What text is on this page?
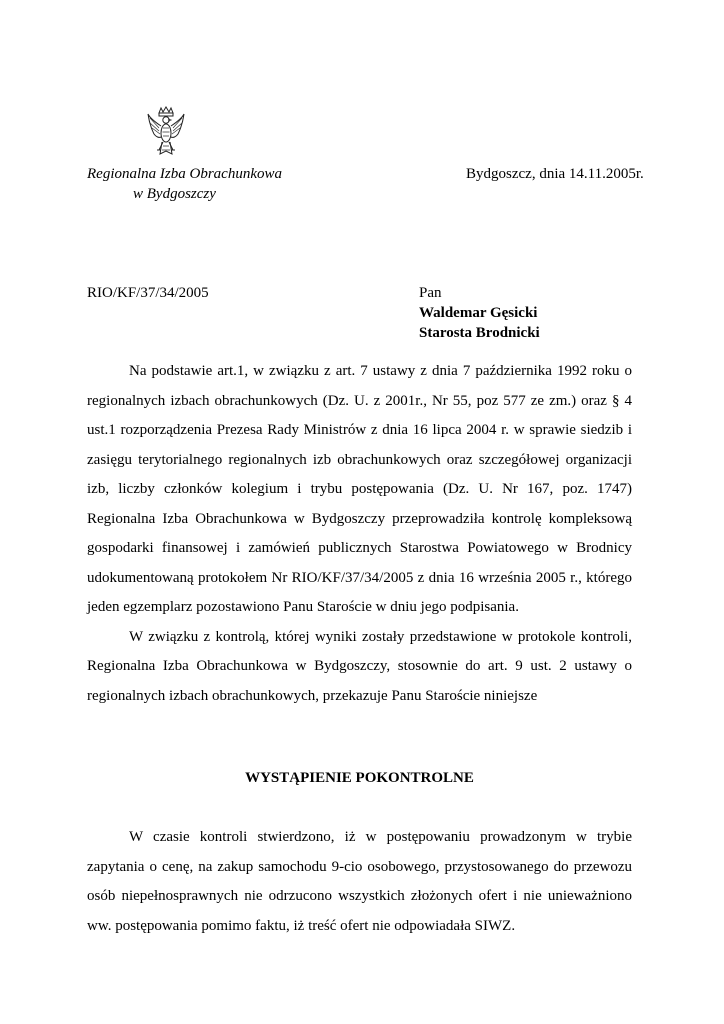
Regionalna Izba Obrachunkowa
w Bydgoszczy
Bydgoszcz, dnia 14.11.2005r.
RIO/KF/37/34/2005	Pan
Waldemar Gęsicki
Starosta Brodnicki

Na podstawie art.1, w związku z art. 7 ustawy z dnia 7 października 1992 roku o regionalnych izbach obrachunkowych (Dz. U. z 2001r., Nr 55, poz 577 ze zm.) oraz § 4 ust.1 rozporządzenia Prezesa Rady Ministrów z dnia 16 lipca 2004 r. w sprawie siedzib i zasięgu terytorialnego regionalnych izb obrachunkowych oraz szczegółowej organizacji izb, liczby członków kolegium i trybu postępowania (Dz. U. Nr 167, poz. 1747) Regionalna Izba Obrachunkowa w Bydgoszczy przeprowadziła kontrolę kompleksową gospodarki finansowej i zamówień publicznych Starostwa Powiatowego w Brodnicy udokumentowaną protokołem Nr RIO/KF/37/34/2005 z dnia 16 września 2005 r., którego jeden egzemplarz pozostawiono Panu Staroście w dniu jego podpisania.

W związku z kontrolą, której wyniki zostały przedstawione w protokole kontroli, Regionalna Izba Obrachunkowa w Bydgoszczy, stosownie do art. 9 ust. 2 ustawy o regionalnych izbach obrachunkowych, przekazuje Panu Staroście niniejsze

WYSTĄPIENIE POKONTROLNE

W czasie kontroli stwierdzono, iż w postępowaniu prowadzonym w trybie zapytania o cenę, na zakup samochodu 9-cio osobowego, przystosowanego do przewozu osób niepełnosprawnych nie odrzucono wszystkich złożonych ofert i nie unieważniono ww. postępowania pomimo faktu, iż treść ofert nie odpowiadała SIWZ.
